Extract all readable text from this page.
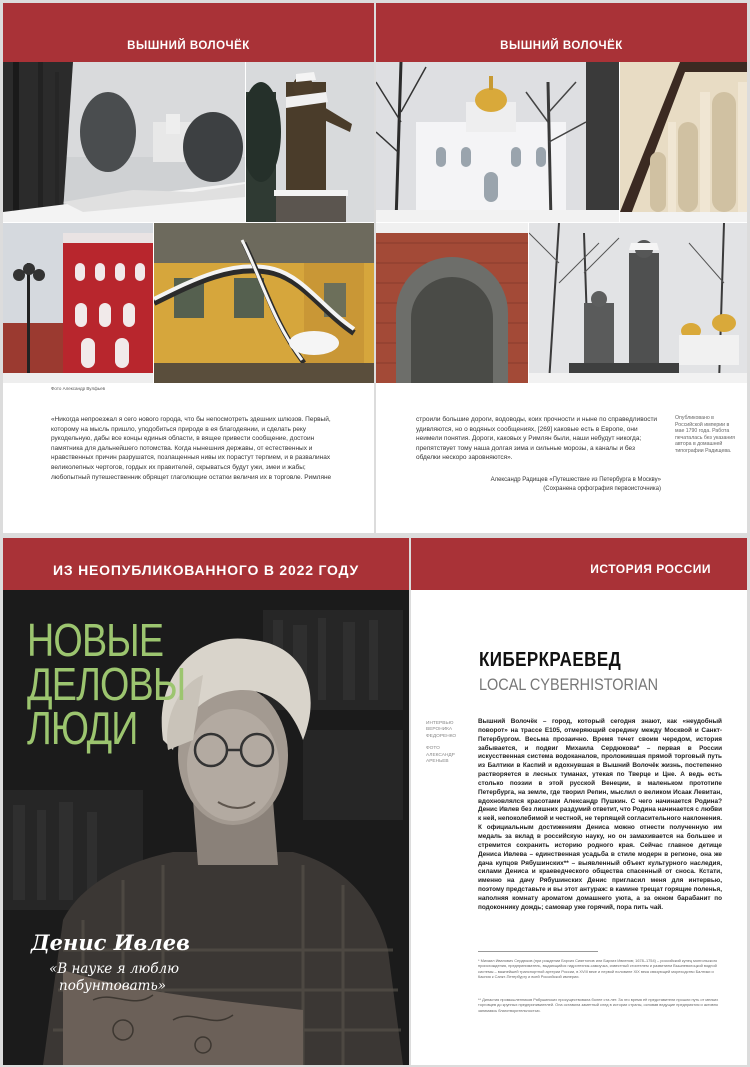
ВЫШНИЙ ВОЛОЧЁК
Фото Александр Вулфьев
«Никогда непроезжал я сего нового города, что бы непосмотреть здешних шлюзов. Первый, которому на мысль пришло, уподобиться природе в ея благодеянии, и сделать реку рукодельную, дабы все концы единыя области, в вящее привести сообщение, достоин памятника для дальнейшего потомства. Когда нынешния державы, от естественных и нравственных причин разрушатся, позлащенныя нивы их порастут терпием, и в развалинах великолепных чертогов, гордых их правителей, скрываться будут ужи, змеи и жабы; любопытный путешественник обрящет глаголющие остатки величия их в торговле. Римляне
ВЫШНИЙ ВОЛОЧЁК
строили большие дороги, водоводы, коих прочности и ныне по справедливости удивляются, но о водяных сообщениях, [269] каковые есть в Европе, они неимели понятия. Дороги, каковых у Римлян были, наши небудут никогда; препятствует тому наша долгая зима и сильные морозы, а каналы и без обделки нескоро заровняются».
Александр Радищев «Путешествие из Петербурга в Москву»
(Сохранена орфография первоисточника)
Опубликовано в Российской империи в мае 1790 года. Работа печаталась без указания автора в домашней типографии Радищева.
ИЗ НЕОПУБЛИКОВАННОГО В 2022 ГОДУ
НОВЫЕ
ДЕЛОВЫ
ЛЮДИ
Денис Ивлев
«В науке я люблю
побунтовать»
ИСТОРИЯ РОССИИ
КИБЕРКРАЕВЕД
LOCAL CYBERHISTORIAN
ИНТЕРВЬЮ
ВЕРОНИКА
ФЕДОРЕНКО
ФОТО
АЛЕКСАНДР
АРЕНЬЕВ
Вышний Волочёк – город, который сегодня знают, как «неудобный поворот» на трассе Е105, отмеряющий середину между Москвой и Санкт-Петербургом. Весьма прозаично. Время течет своим чередом, история забывается, и подвиг Михаила Сердюкова* – первая в России искусственная система водоканалов, проложившая прямой торговый путь из Балтики в Каспий и вдохнувшая в Вышний Волочёк жизнь, постепенно растворяется в лесных туманах, утекая по Тверце и Цне. А ведь есть столько поэзии в этой русской Венеции, в маленьком прототипе Петербурга, на земле, где творил Репин, мыслил о великом Исаак Левитан, вдохновлялся красотами Александр Пушкин. С чего начинается Родина? Денис Ивлев без лишних раздумий ответит, что Родина начинается с любви к ней, непоколебимой и честной, не терпящей согласительного наклонения. К официальным достижениям Дениса можно отнести полученную им медаль за вклад в российскую науку, но он замахивается на большее и стремится сохранить историю родного края. Сейчас главное детище Дениса Ивлева – единственная усадьба в стиле модерн в регионе, она же дача купцов Рябушинских** – выявленный объект культурного наследия, силами Дениса и краеведческого общества спасенный от сноса. Кстати, именно на дачу Рябушинских Денис пригласил меня для интервью, поэтому представьте и вы этот антураж: в камине трещат горящие поленья, наполняя комнату ароматом домашнего уюта, а за окном барабанит по подоконнику дождь; самовар уже горячий, пора пить чай.
* Михаил Иванович Сердюков (при рождении Бэрхиэ Сиянтонов или Бархиэ Ивиенов; 1678–1754) – российский купец монгольского происхождения, предприниматель, выдающийся гидротехник-самоучка, известный стоителем и развитием Вышневолоцкой водной системы – важнейшей транспортной артерии России, в XVIII веке и первой половине XIX века связующей мореходство Балтики и Каспия к Санкт-Петербургу и всей Российской империи.
** Династия промышленников Рябушинских просуществовала более ста лет. За это время её представители прошли путь от мелких торговцев до крупных предпринимателей. Она оставила заметный след в истории страны, основав ведущие предприятия и активно занимаясь благотворительностью.
